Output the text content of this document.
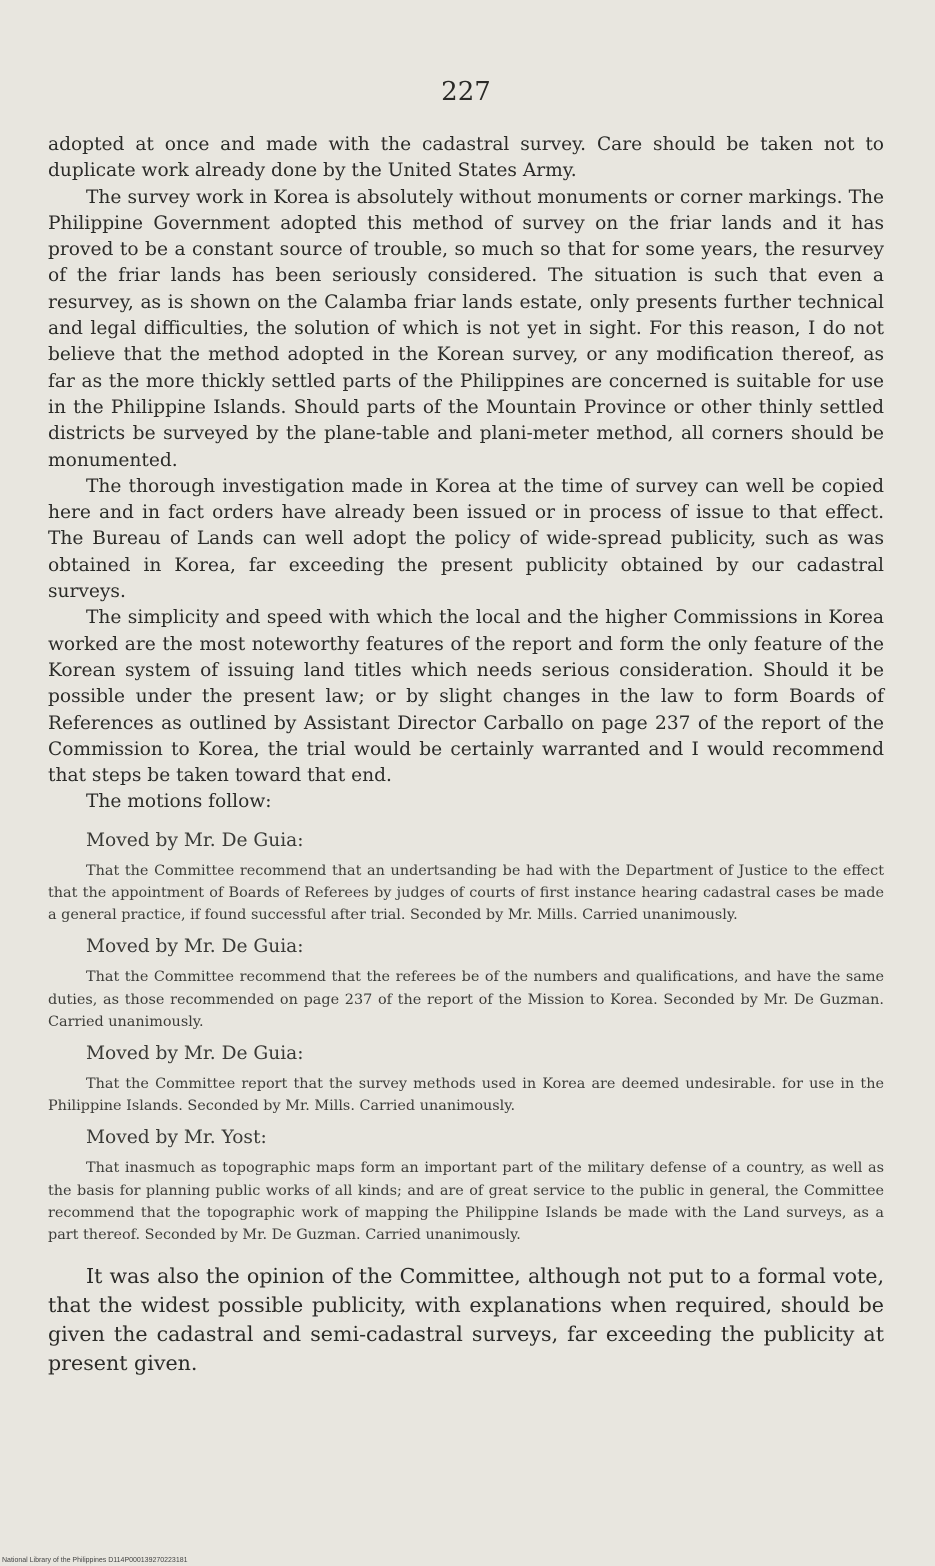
227

adopted at once and made with the cadastral survey. Care should be taken not to duplicate work already done by the United States Army.

The survey work in Korea is absolutely without monuments or corner markings. The Philippine Government adopted this method of survey on the friar lands and it has proved to be a constant source of trouble, so much so that for some years, the resurvey of the friar lands has been seriously considered. The situation is such that even a resurvey, as is shown on the Calamba friar lands estate, only presents further technical and legal difficulties, the solution of which is not yet in sight. For this reason, I do not believe that the method adopted in the Korean survey, or any modification thereof, as far as the more thickly settled parts of the Philippines are concerned is suitable for use in the Philippine Islands. Should parts of the Mountain Province or other thinly settled districts be surveyed by the plane-table and plani-meter method, all corners should be monumented.

The thorough investigation made in Korea at the time of survey can well be copied here and in fact orders have already been issued or in process of issue to that effect. The Bureau of Lands can well adopt the policy of wide-spread publicity, such as was obtained in Korea, far exceeding the present publicity obtained by our cadastral surveys.

The simplicity and speed with which the local and the higher Commissions in Korea worked are the most noteworthy features of the report and form the only feature of the Korean system of issuing land titles which needs serious consideration. Should it be possible under the present law; or by slight changes in the law to form Boards of References as outlined by Assistant Director Carballo on page 237 of the report of the Commission to Korea, the trial would be certainly warranted and I would recommend that steps be taken toward that end.

The motions follow:
Moved by Mr. De Guia:

That the Committee recommend that an undertsanding be had with the Department of Justice to the effect that the appointment of Boards of Referees by judges of courts of first instance hearing cadastral cases be made a general practice, if found successful after trial. Seconded by Mr. Mills. Carried unanimously.

Moved by Mr. De Guia:

That the Committee recommend that the referees be of the numbers and qualifications, and have the same duties, as those recommended on page 237 of the report of the Mission to Korea. Seconded by Mr. De Guzman. Carried unanimously.

Moved by Mr. De Guia:

That the Committee report that the survey methods used in Korea are deemed undesirable. for use in the Philippine Islands. Seconded by Mr. Mills. Carried unanimously.

Moved by Mr. Yost:

That inasmuch as topographic maps form an important part of the military defense of a country, as well as the basis for planning public works of all kinds; and are of great service to the public in general, the Committee recommend that the topographic work of mapping the Philippine Islands be made with the Land surveys, as a part thereof. Seconded by Mr. De Guzman. Carried unanimously.

It was also the opinion of the Committee, although not put to a formal vote, that the widest possible publicity, with explanations when required, should be given the cadastral and semi-cadastral surveys, far exceeding the publicity at present given.

National Library of the Philippines D114P000139270223181
